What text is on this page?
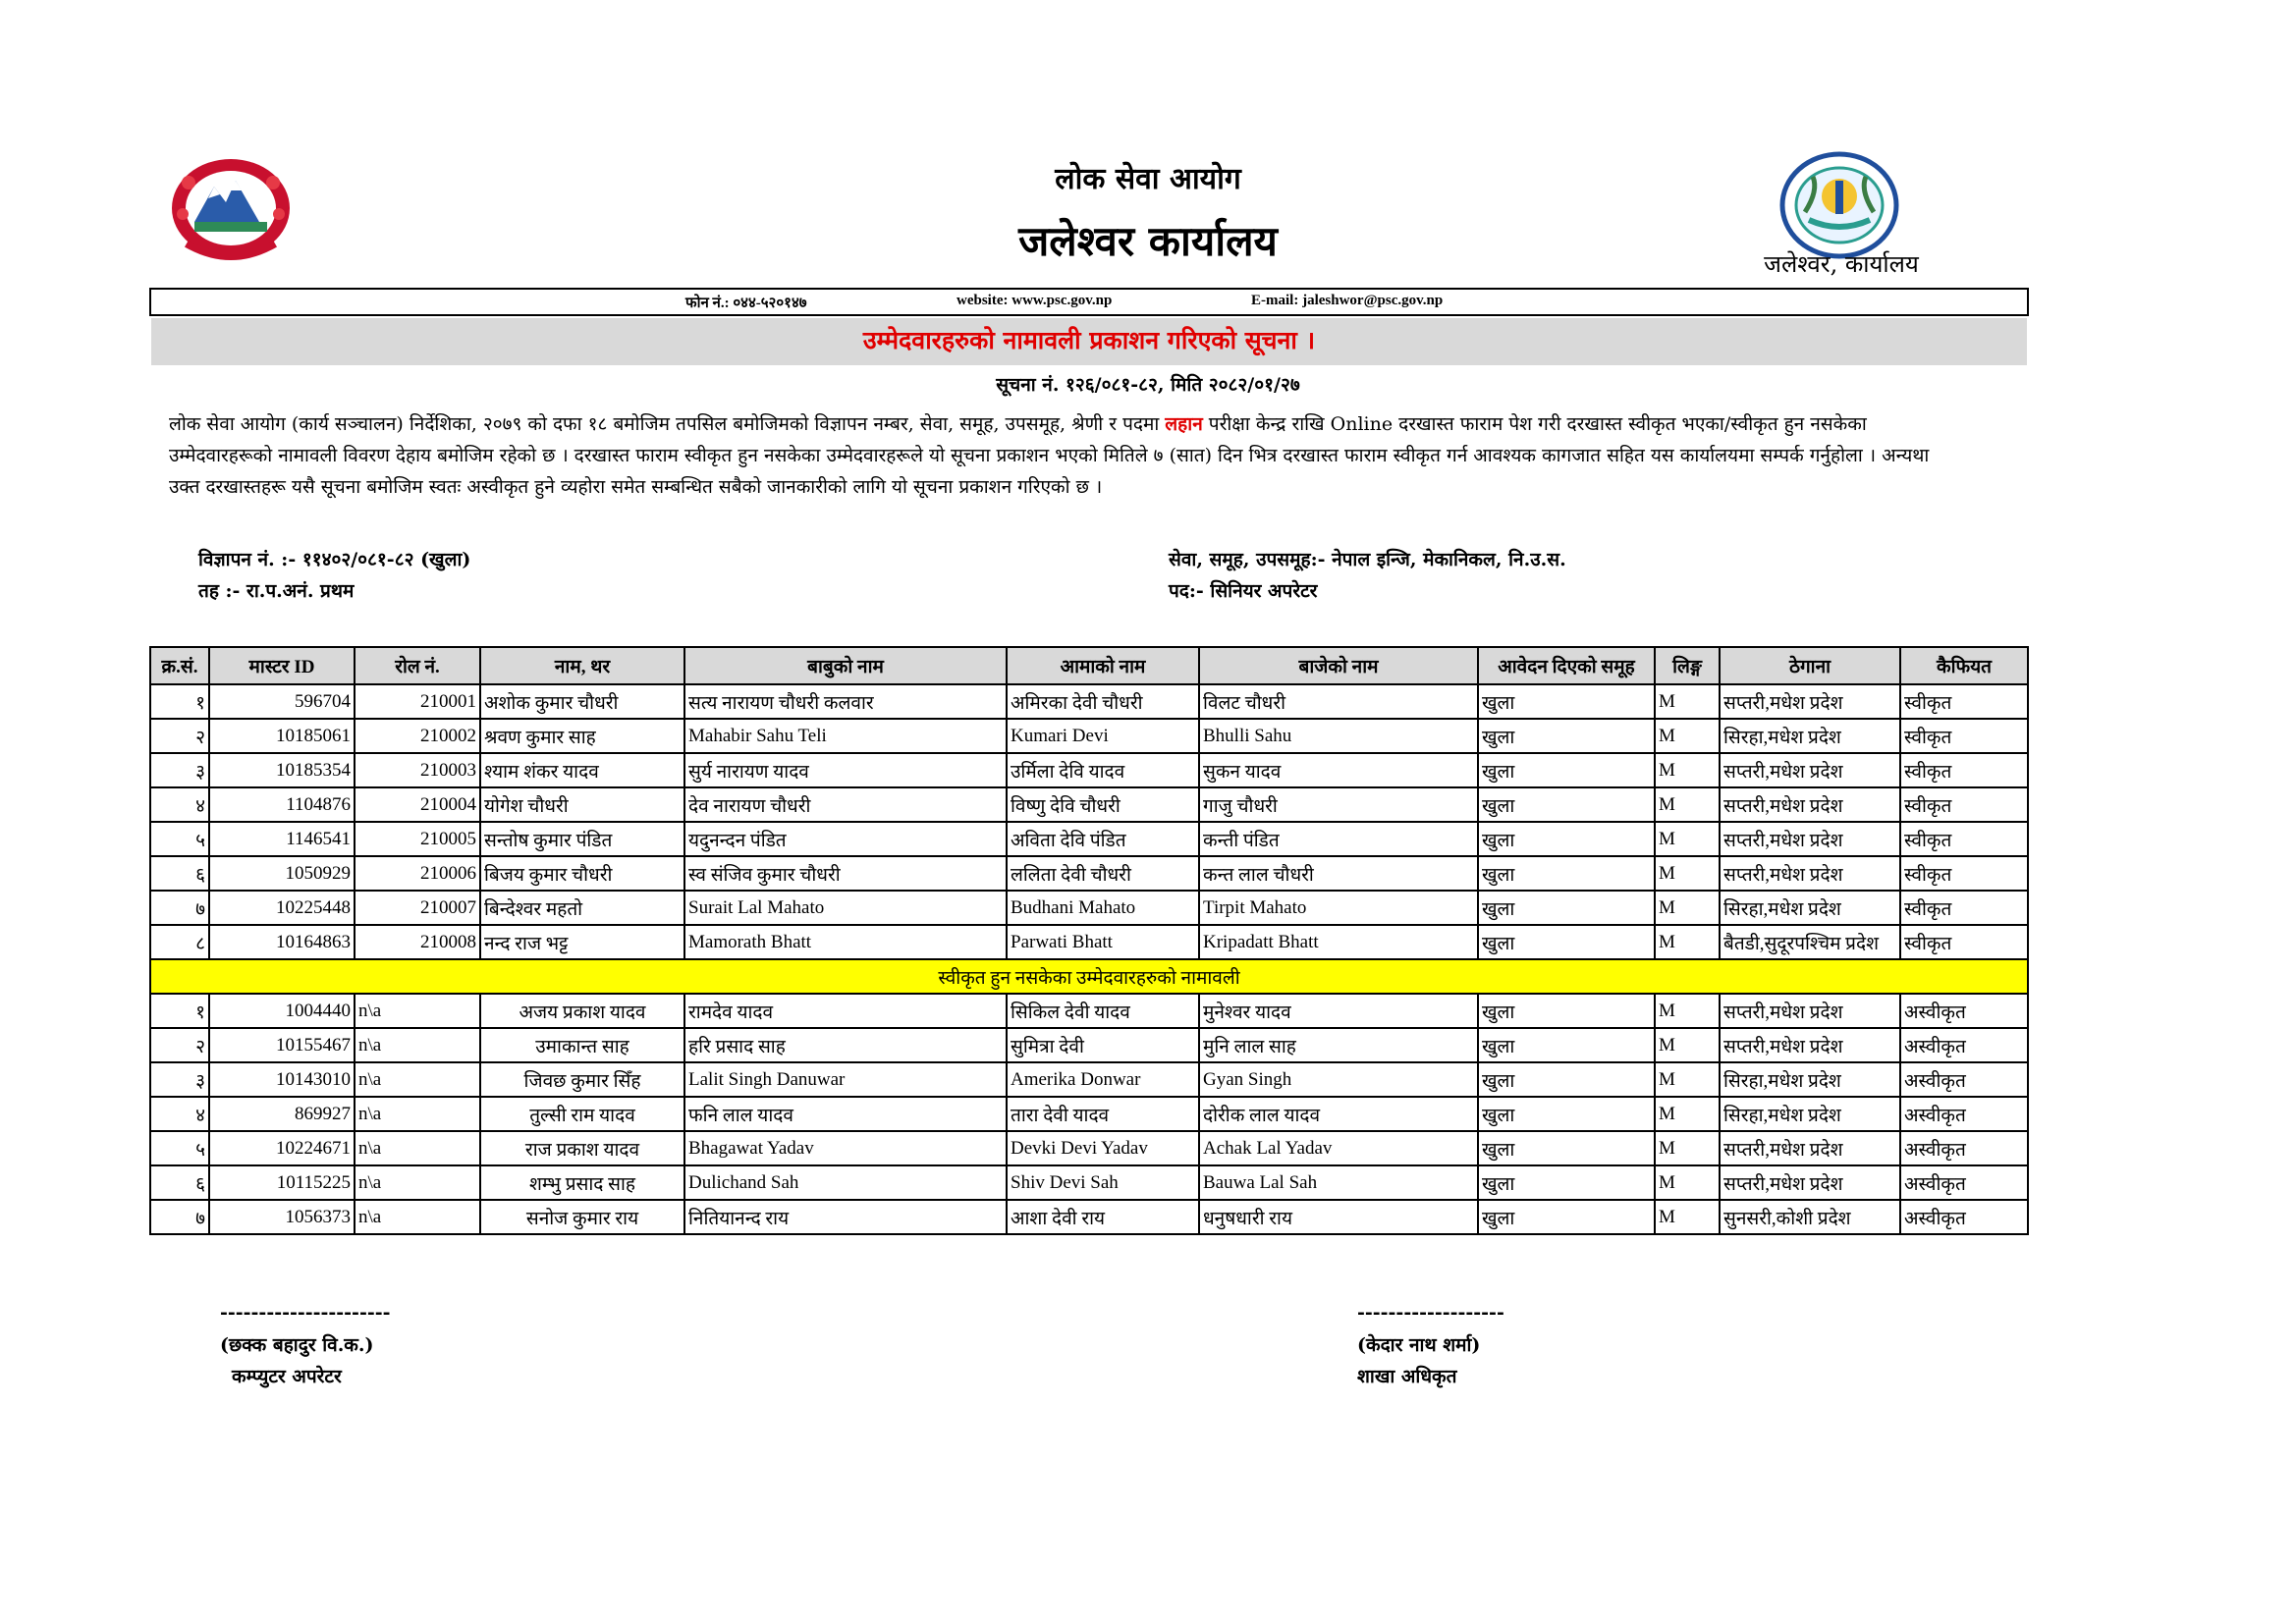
लोक सेवा आयोग
जलेश्वर कार्यालय	जलेश्वर, कार्यालय
फोन नं.: ०४४-५२०१४७	website: www.psc.gov.np	E-mail: jaleshwor@psc.gov.np
उम्मेदवारहरुको नामावली प्रकाशन गरिएको सूचना ।
सूचना नं. १२६/०८१-८२, मिति २०८२/०१/२७
लोक सेवा आयोग (कार्य सञ्चालन) निर्देशिका, २०७९ को दफा १८ बमोजिम तपसिल बमोजिमको विज्ञापन नम्बर, सेवा, समूह, उपसमूह, श्रेणी र पदमा लहान परीक्षा केन्द्र राखि Online दरखास्त फाराम पेश गरी दरखास्त स्वीकृत भएका/स्वीकृत हुन नसकेका उम्मेदवारहरूको नामावली विवरण देहाय बमोजिम रहेको छ । दरखास्त फाराम स्वीकृत हुन नसकेका उम्मेदवारहरूले यो सूचना प्रकाशन भएको मितिले ७ (सात) दिन भित्र दरखास्त फाराम स्वीकृत गर्न आवश्यक कागजात सहित यस कार्यालयमा सम्पर्क गर्नुहोला । अन्यथा उक्त दरखास्तहरू यसै सूचना बमोजिम स्वतः अस्वीकृत हुने व्यहोरा समेत सम्बन्धित सबैको जानकारीको लागि यो सूचना प्रकाशन गरिएको छ ।
विज्ञापन नं. :- ११४०२/०८१-८२ (खुला)
तह :- रा.प.अनं. प्रथम
सेवा, समूह, उपसमूह:- नेपाल इन्जि, मेकानिकल, नि.उ.स.
पद:- सिनियर अपरेटर
क्र.सं.	मास्टर ID	रोल नं.	नाम, थर	बाबुको नाम	आमाको नाम	बाजेको नाम	आवेदन दिएको समूह	लिङ्ग	ठेगाना	कैफियत
१	596704	210001	अशोक कुमार चौधरी	सत्य नारायण चौधरी कलवार	अमिरका देवी चौधरी	विलट चौधरी	खुला	M	सप्तरी,मधेश प्रदेश	स्वीकृत
२	10185061	210002	श्रवण कुमार साह	Mahabir Sahu Teli	Kumari Devi	Bhulli Sahu	खुला	M	सिरहा,मधेश प्रदेश	स्वीकृत
३	10185354	210003	श्याम शंकर यादव	सुर्य नारायण यादव	उर्मिला देवि यादव	सुकन यादव	खुला	M	सप्तरी,मधेश प्रदेश	स्वीकृत
४	1104876	210004	योगेश चौधरी	देव नारायण चौधरी	विष्णु देवि चौधरी	गाजु चौधरी	खुला	M	सप्तरी,मधेश प्रदेश	स्वीकृत
५	1146541	210005	सन्तोष कुमार पंडित	यदुनन्दन पंडित	अविता देवि पंडित	कन्ती पंडित	खुला	M	सप्तरी,मधेश प्रदेश	स्वीकृत
६	1050929	210006	बिजय कुमार चौधरी	स्व संजिव कुमार चौधरी	ललिता देवी चौधरी	कन्त लाल चौधरी	खुला	M	सप्तरी,मधेश प्रदेश	स्वीकृत
७	10225448	210007	बिन्देश्वर महतो	Surait Lal Mahato	Budhani Mahato	Tirpit Mahato	खुला	M	सिरहा,मधेश प्रदेश	स्वीकृत
८	10164863	210008	नन्द राज भट्ट	Mamorath Bhatt	Parwati Bhatt	Kripadatt Bhatt	खुला	M	बैतडी,सुदूरपश्चिम प्रदेश	स्वीकृत
स्वीकृत हुन नसकेका उम्मेदवारहरुको नामावली										
१	1004440	n\a	अजय प्रकाश यादव	रामदेव यादव	सिकिल देवी यादव	मुनेश्वर यादव	खुला	M	सप्तरी,मधेश प्रदेश	अस्वीकृत
२	10155467	n\a	उमाकान्त साह	हरि प्रसाद साह	सुमित्रा देवी	मुनि लाल साह	खुला	M	सप्तरी,मधेश प्रदेश	अस्वीकृत
३	10143010	n\a	जिवछ कुमार सिँह	Lalit Singh Danuwar	Amerika Donwar	Gyan Singh	खुला	M	सिरहा,मधेश प्रदेश	अस्वीकृत
४	869927	n\a	तुल्सी राम यादव	फनि लाल यादव	तारा देवी यादव	दोरीक लाल यादव	खुला	M	सिरहा,मधेश प्रदेश	अस्वीकृत
५	10224671	n\a	राज प्रकाश यादव	Bhagawat Yadav	Devki Devi Yadav	Achak Lal Yadav	खुला	M	सप्तरी,मधेश प्रदेश	अस्वीकृत
६	10115225	n\a	शम्भु प्रसाद साह	Dulichand Sah	Shiv Devi Sah	Bauwa Lal Sah	खुला	M	सप्तरी,मधेश प्रदेश	अस्वीकृत
७	1056373	n\a	सनोज कुमार राय	नितियानन्द राय	आशा देवी राय	धनुषधारी राय	खुला	M	सुनसरी,कोशी प्रदेश	अस्वीकृत
----------------------
(छक्क बहादुर वि.क.)
कम्प्युटर अपरेटर
-------------------
(केदार नाथ शर्मा)
शाखा अधिकृत
